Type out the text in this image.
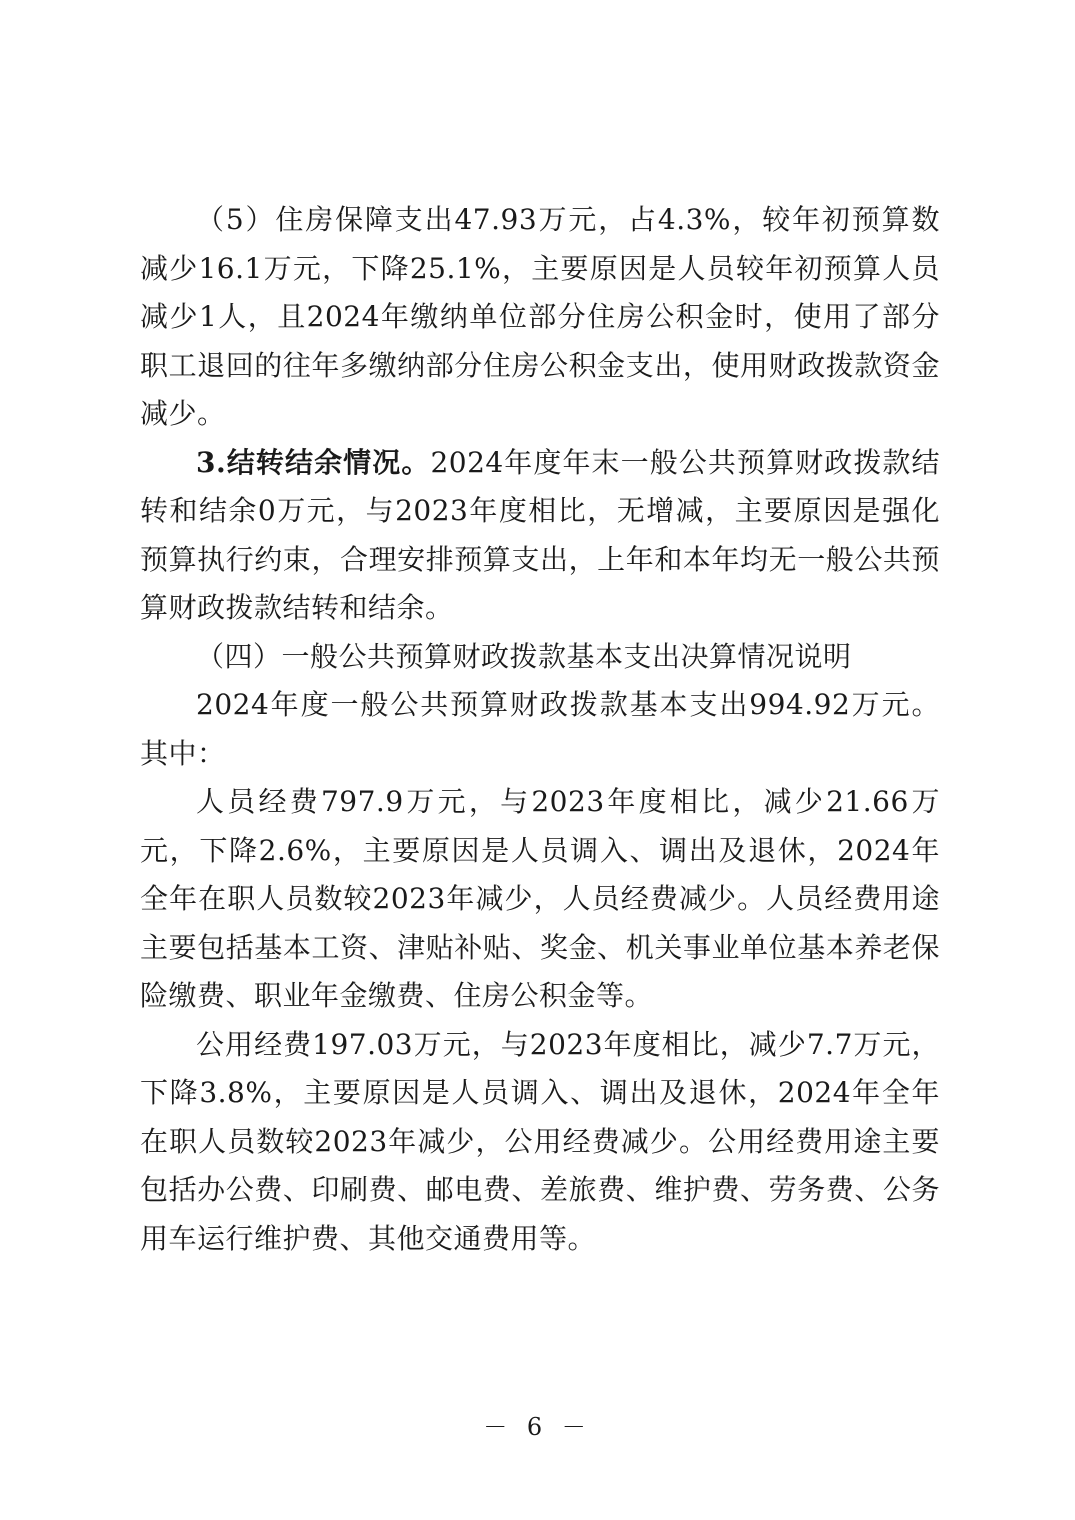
（5）住房保障支出47.93万元，占4.3%，较年初预算数减少16.1万元，下降25.1%，主要原因是人员较年初预算人员减少1人，且2024年缴纳单位部分住房公积金时，使用了部分职工退回的往年多缴纳部分住房公积金支出，使用财政拨款资金减少。

3.结转结余情况。2024年度年末一般公共预算财政拨款结转和结余0万元，与2023年度相比，无增减，主要原因是强化预算执行约束，合理安排预算支出，上年和本年均无一般公共预算财政拨款结转和结余。

（四）一般公共预算财政拨款基本支出决算情况说明

2024年度一般公共预算财政拨款基本支出994.92万元。其中：

人员经费797.9万元，与2023年度相比，减少21.66万元，下降2.6%，主要原因是人员调入、调出及退休，2024年全年在职人员数较2023年减少，人员经费减少。人员经费用途主要包括基本工资、津贴补贴、奖金、机关事业单位基本养老保险缴费、职业年金缴费、住房公积金等。

公用经费197.03万元，与2023年度相比，减少7.7万元，下降3.8%，主要原因是人员调入、调出及退休，2024年全年在职人员数较2023年减少，公用经费减少。公用经费用途主要包括办公费、印刷费、邮电费、差旅费、维护费、劳务费、公务用车运行维护费、其他交通费用等。

－ 6 －
